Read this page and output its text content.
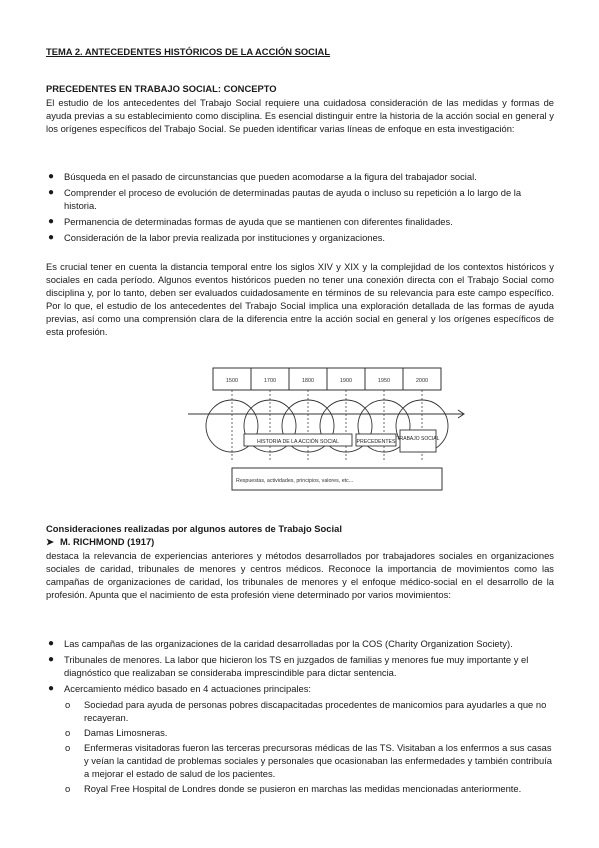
TEMA 2. ANTECEDENTES HISTÓRICOS DE LA ACCIÓN SOCIAL
PRECEDENTES EN TRABAJO SOCIAL: CONCEPTO
El estudio de los antecedentes del Trabajo Social requiere una cuidadosa consideración de las medidas y formas de ayuda previas a su establecimiento como disciplina. Es esencial distinguir entre la historia de la acción social en general y los orígenes específicos del Trabajo Social. Se pueden identificar varias líneas de enfoque en esta investigación:
● Búsqueda en el pasado de circunstancias que pueden acomodarse a la figura del trabajador social.
● Comprender el proceso de evolución de determinadas pautas de ayuda o incluso su repetición a lo largo de la historia.
● Permanencia de determinadas formas de ayuda que se mantienen con diferentes finalidades.
● Consideración de la labor previa realizada por instituciones y organizaciones.
Es crucial tener en cuenta la distancia temporal entre los siglos XIV y XIX y la complejidad de los contextos históricos y sociales en cada período. Algunos eventos históricos pueden no tener una conexión directa con el Trabajo Social como disciplina y, por lo tanto, deben ser evaluados cuidadosamente en términos de su relevancia para este campo específico. Por lo que, el estudio de los antecedentes del Trabajo Social implica una exploración detallada de las formas de ayuda previas, así como una comprensión clara de la diferencia entre la acción social en general y los orígenes específicos de esta profesión.
1500	1700	1800	1900	1950	2000
HISTORIA DE LA ACCIÓN SOCIAL	PRECEDENTES TRABAJO SOCIAL
Respuestas, actividades, principios, valores, etc...
Consideraciones realizadas por algunos autores de Trabajo Social
➤ M. RICHMOND (1917)
destaca la relevancia de experiencias anteriores y métodos desarrollados por trabajadores sociales en organizaciones sociales de caridad, tribunales de menores y centros médicos. Reconoce la importancia de movimientos como las campañas de organizaciones de caridad, los tribunales de menores y el enfoque médico-social en el desarrollo de la profesión. Apunta que el nacimiento de esta profesión viene determinado por varios movimientos:
● Las campañas de las organizaciones de la caridad desarrolladas por la COS (Charity Organization Society).
● Tribunales de menores. La labor que hicieron los TS en juzgados de familias y menores fue muy importante y el diagnóstico que realizaban se consideraba imprescindible para dictar sentencia.
● Acercamiento médico basado en 4 actuaciones principales:
o Sociedad para ayuda de personas pobres discapacitadas procedentes de manicomios para ayudarles a que no recayeran.
o Damas Limosneras.
o Enfermeras visitadoras fueron las terceras precursoras médicas de las TS. Visitaban a los enfermos a sus casas y veían la cantidad de problemas sociales y personales que ocasionaban las enfermedades y también contribuía a mejorar el estado de salud de los pacientes.
o Royal Free Hospital de Londres donde se pusieron en marchas las medidas mencionadas anteriormente.
